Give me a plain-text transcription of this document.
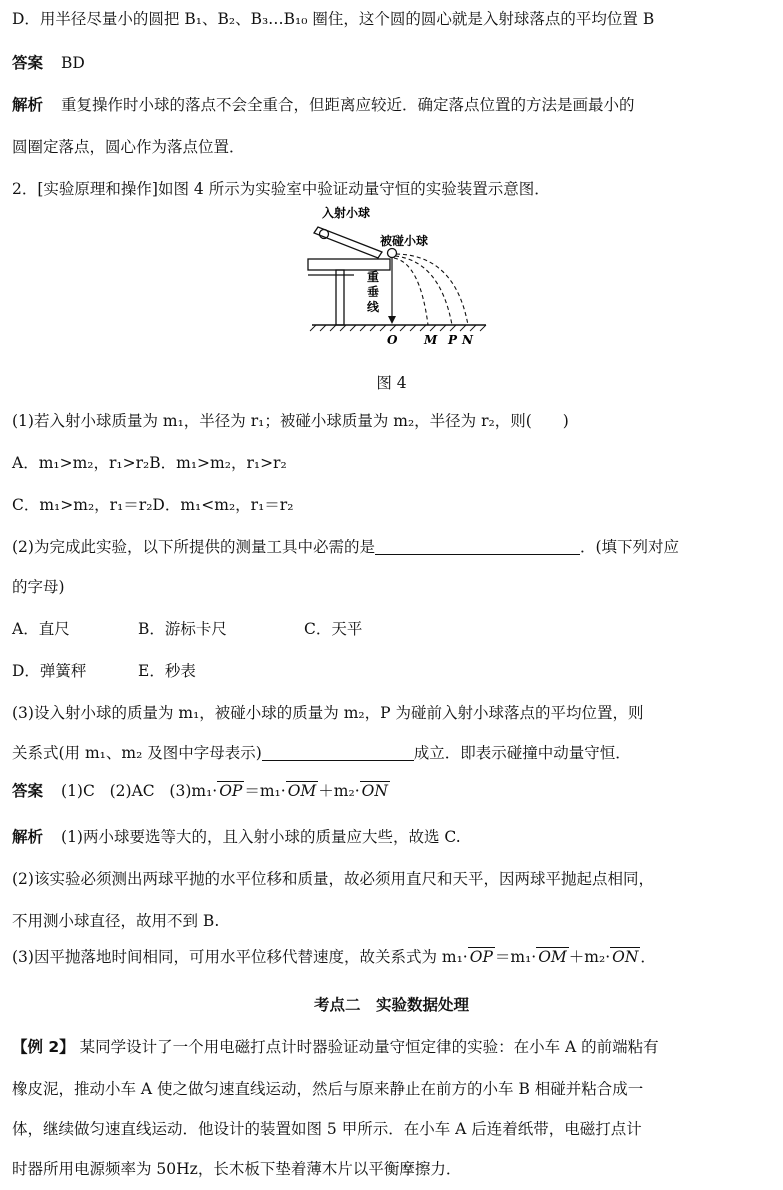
D．用半径尽量小的圆把 B₁、B₂、B₃…B₁₀ 圈住，这个圆的圆心就是入射球落点的平均位置 B
答案 BD
解析 重复操作时小球的落点不会全重合，但距离应较近．确定落点位置的方法是画最小的
圆圈定落点，圆心作为落点位置．
2．[实验原理和操作]如图 4 所示为实验室中验证动量守恒的实验装置示意图．
入射小球
被碰小球
重垂线
O M P N
图 4
(1)若入射小球质量为 m₁，半径为 r₁；被碰小球质量为 m₂，半径为 r₂，则(　　)
A．m₁>m₂，r₁>r₂B．m₁>m₂，r₁>r₂
C．m₁>m₂，r₁＝r₂D．m₁<m₂，r₁＝r₂
(2)为完成此实验，以下所提供的测量工具中必需的是	．(填下列对应
的字母)
A．直尺	B．游标卡尺	C．天平
D．弹簧秤	E．秒表
(3)设入射小球的质量为 m₁，被碰小球的质量为 m₂，P 为碰前入射小球落点的平均位置，则
关系式(用 m₁、m₂ 及图中字母表示)	成立．即表示碰撞中动量守恒．
答案 (1)C (2)AC (3)m₁· OP ＝m₁· OM ＋m₂· ON
解析 (1)两小球要选等大的，且入射小球的质量应大些，故选 C.
(2)该实验必须测出两球平抛的水平位移和质量，故必须用直尺和天平，因两球平抛起点相同，
不用测小球直径，故用不到 B.
(3)因平抛落地时间相同，可用水平位移代替速度，故关系式为 m₁· OP ＝m₁· OM ＋m₂· ON ．
考点二　实验数据处理
【例 2】 某同学设计了一个用电磁打点计时器验证动量守恒定律的实验：在小车 A 的前端粘有
橡皮泥，推动小车 A 使之做匀速直线运动，然后与原来静止在前方的小车 B 相碰并粘合成一
体，继续做匀速直线运动．他设计的装置如图 5 甲所示．在小车 A 后连着纸带，电磁打点计
时器所用电源频率为 50Hz，长木板下垫着薄木片以平衡摩擦力．
